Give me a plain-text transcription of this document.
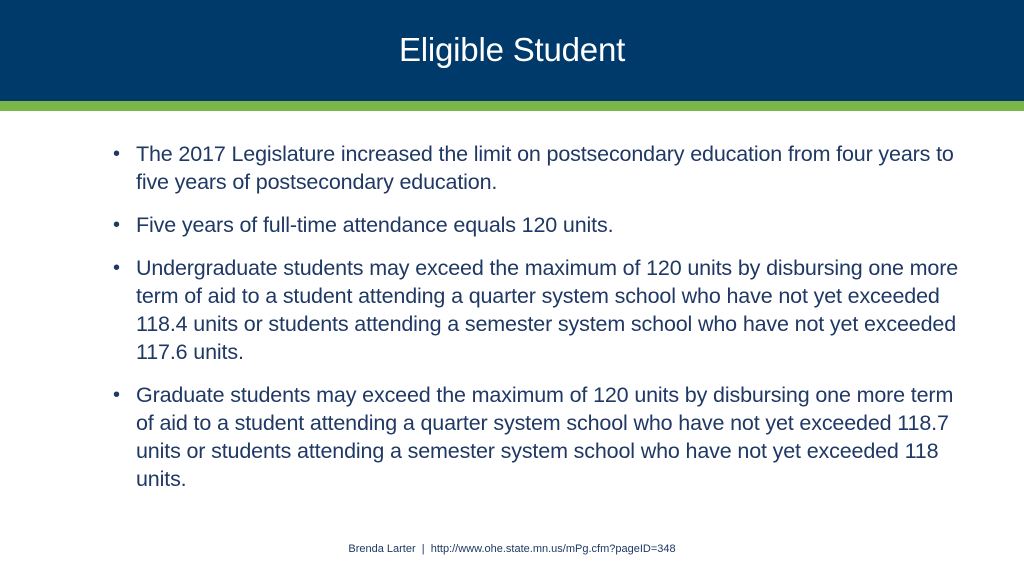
Eligible Student
• The 2017 Legislature increased the limit on postsecondary education from four years to five years of postsecondary education.
• Five years of full-time attendance equals 120 units.
• Undergraduate students may exceed the maximum of 120 units by disbursing one more term of aid to a student attending a quarter system school who have not yet exceeded 118.4 units or students attending a semester system school who have not yet exceeded 117.6 units.
• Graduate students may exceed the maximum of 120 units by disbursing one more term of aid to a student attending a quarter system school who have not yet exceeded 118.7 units or students attending a semester system school who have not yet exceeded 118 units.
Brenda Larter  |  http://www.ohe.state.mn.us/mPg.cfm?pageID=348
